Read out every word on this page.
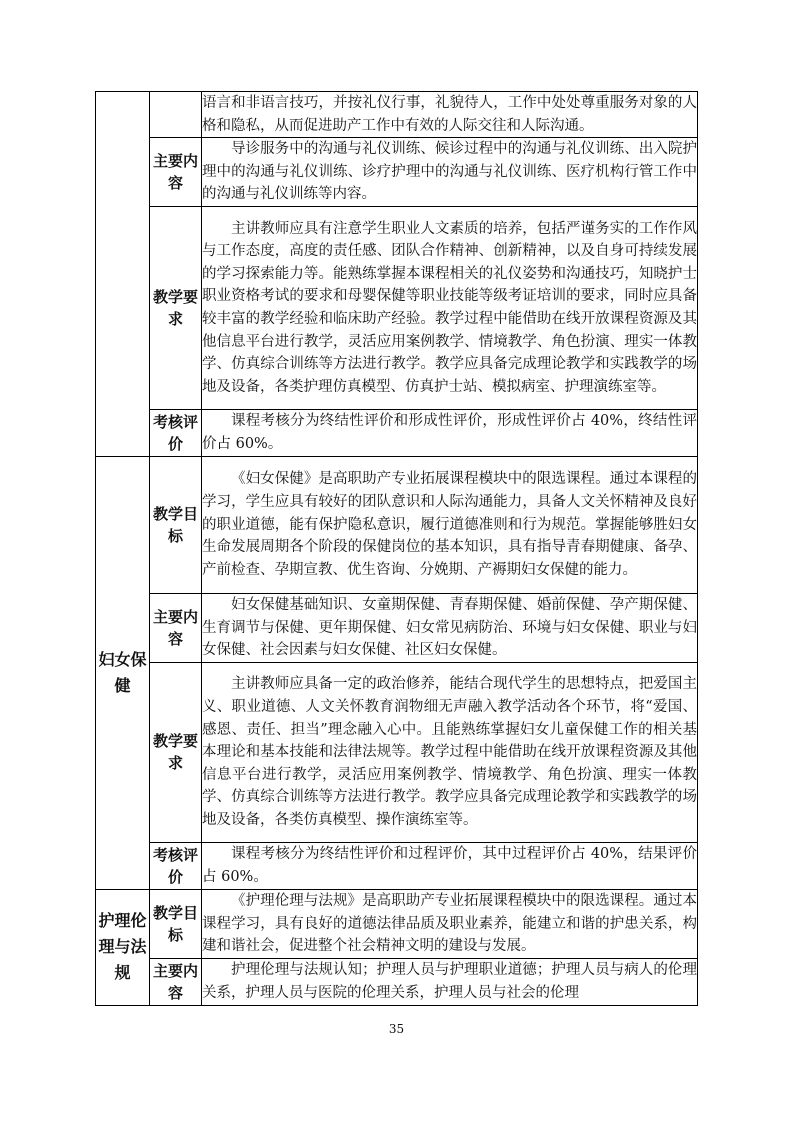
		语言和非语言技巧，并按礼仪行事，礼貌待人，工作中处处尊重服务对象的人格和隐私，从而促进助产工作中有效的人际交往和人际沟通。

	主要内容	导诊服务中的沟通与礼仪训练、候诊过程中的沟通与礼仪训练、出入院护理中的沟通与礼仪训练、诊疗护理中的沟通与礼仪训练、医疗机构行管工作中的沟通与礼仪训练等内容。

	教学要求	主讲教师应具有注意学生职业人文素质的培养，包括严谨务实的工作作风与工作态度，高度的责任感、团队合作精神、创新精神，以及自身可持续发展的学习探索能力等。能熟练掌握本课程相关的礼仪姿势和沟通技巧，知晓护士职业资格考试的要求和母婴保健等职业技能等级考证培训的要求，同时应具备较丰富的教学经验和临床助产经验。教学过程中能借助在线开放课程资源及其他信息平台进行教学，灵活应用案例教学、情境教学、角色扮演、理实一体教学、仿真综合训练等方法进行教学。教学应具备完成理论教学和实践教学的场地及设备，各类护理仿真模型、仿真护士站、模拟病室、护理演练室等。

	考核评价	课程考核分为终结性评价和形成性评价，形成性评价占 40%，终结性评价占 60%。

妇女保健	教学目标	《妇女保健》是高职助产专业拓展课程模块中的限选课程。通过本课程的学习，学生应具有较好的团队意识和人际沟通能力，具备人文关怀精神及良好的职业道德，能有保护隐私意识，履行道德准则和行为规范。掌握能够胜妇女生命发展周期各个阶段的保健岗位的基本知识，具有指导青春期健康、备孕、产前检查、孕期宣教、优生咨询、分娩期、产褥期妇女保健的能力。

	主要内容	妇女保健基础知识、女童期保健、青春期保健、婚前保健、孕产期保健、生育调节与保健、更年期保健、妇女常见病防治、环境与妇女保健、职业与妇女保健、社会因素与妇女保健、社区妇女保健。

	教学要求	主讲教师应具备一定的政治修养，能结合现代学生的思想特点，把爱国主义、职业道德、人文关怀教育润物细无声融入教学活动各个环节，将“爱国、感恩、责任、担当”理念融入心中。且能熟练掌握妇女儿童保健工作的相关基本理论和基本技能和法律法规等。教学过程中能借助在线开放课程资源及其他信息平台进行教学，灵活应用案例教学、情境教学、角色扮演、理实一体教学、仿真综合训练等方法进行教学。教学应具备完成理论教学和实践教学的场地及设备，各类仿真模型、操作演练室等。

	考核评价	课程考核分为终结性评价和过程评价，其中过程评价占 40%，结果评价占 60%。

护理伦理与法规	教学目标	《护理伦理与法规》是高职助产专业拓展课程模块中的限选课程。通过本课程学习，具有良好的道德法律品质及职业素养，能建立和谐的护患关系，构建和谐社会，促进整个社会精神文明的建设与发展。

	主要内容	护理伦理与法规认知；护理人员与护理职业道德；护理人员与病人的伦理关系，护理人员与医院的伦理关系，护理人员与社会的伦理
35
